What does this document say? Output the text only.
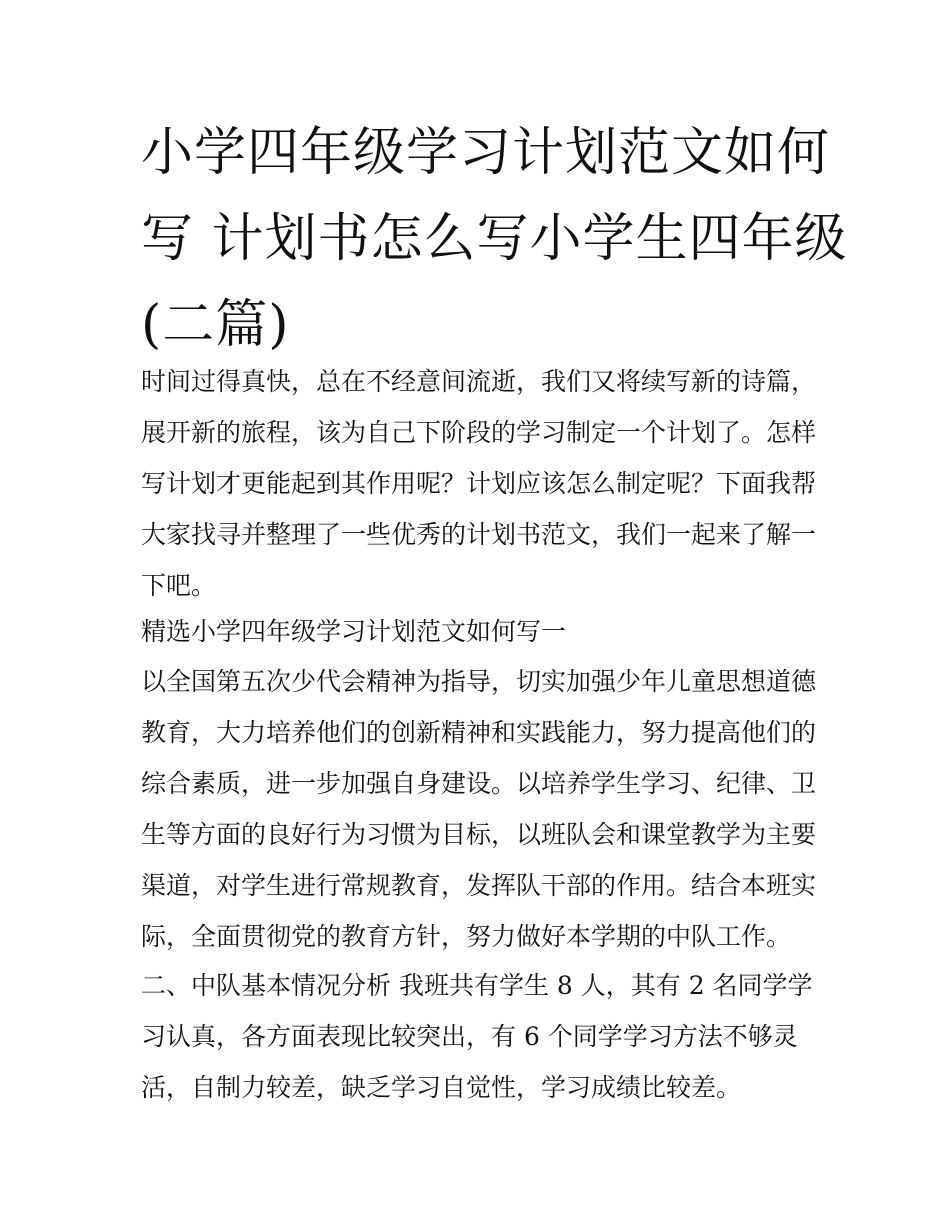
小学四年级学习计划范文如何
写 计划书怎么写小学生四年级
(二篇)

时间过得真快，总在不经意间流逝，我们又将续写新的诗篇，
展开新的旅程，该为自己下阶段的学习制定一个计划了。怎样
写计划才更能起到其作用呢？计划应该怎么制定呢？下面我帮
大家找寻并整理了一些优秀的计划书范文，我们一起来了解一
下吧。

精选小学四年级学习计划范文如何写一

以全国第五次少代会精神为指导，切实加强少年儿童思想道德
教育，大力培养他们的创新精神和实践能力，努力提高他们的
综合素质，进一步加强自身建设。以培养学生学习、纪律、卫
生等方面的良好行为习惯为目标，以班队会和课堂教学为主要
渠道，对学生进行常规教育，发挥队干部的作用。结合本班实
际，全面贯彻党的教育方针，努力做好本学期的中队工作。

二、中队基本情况分析 我班共有学生 8 人，其有 2 名同学学
习认真，各方面表现比较突出，有 6 个同学学习方法不够灵
活，自制力较差，缺乏学习自觉性，学习成绩比较差。
